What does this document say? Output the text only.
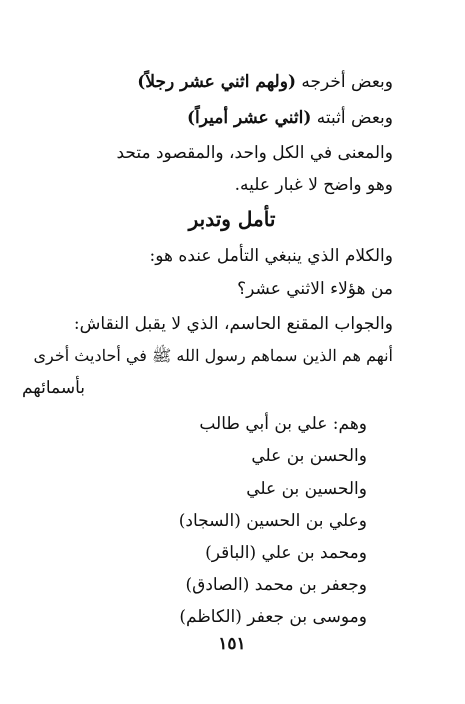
وبعض أخرجه (ولهم اثني عشر رجلاً)
وبعض أثبته (اثني عشر أميراً)
والمعنى في الكل واحد، والمقصود متحد
وهو واضح لا غبار عليه.
تأمل وتدبر
والكلام الذي ينبغي التأمل عنده هو:
من هؤلاء الاثني عشر؟
والجواب المقنع الحاسم، الذي لا يقبل النقاش:
أنهم هم الذين سماهم رسول الله ﷺ في أحاديث أخرى
بأسمائهم
وهم: علي بن أبي طالب
والحسن بن علي
والحسين بن علي
وعلي بن الحسين (السجاد)
ومحمد بن علي (الباقر)
وجعفر بن محمد (الصادق)
وموسى بن جعفر (الكاظم)
١٥١
